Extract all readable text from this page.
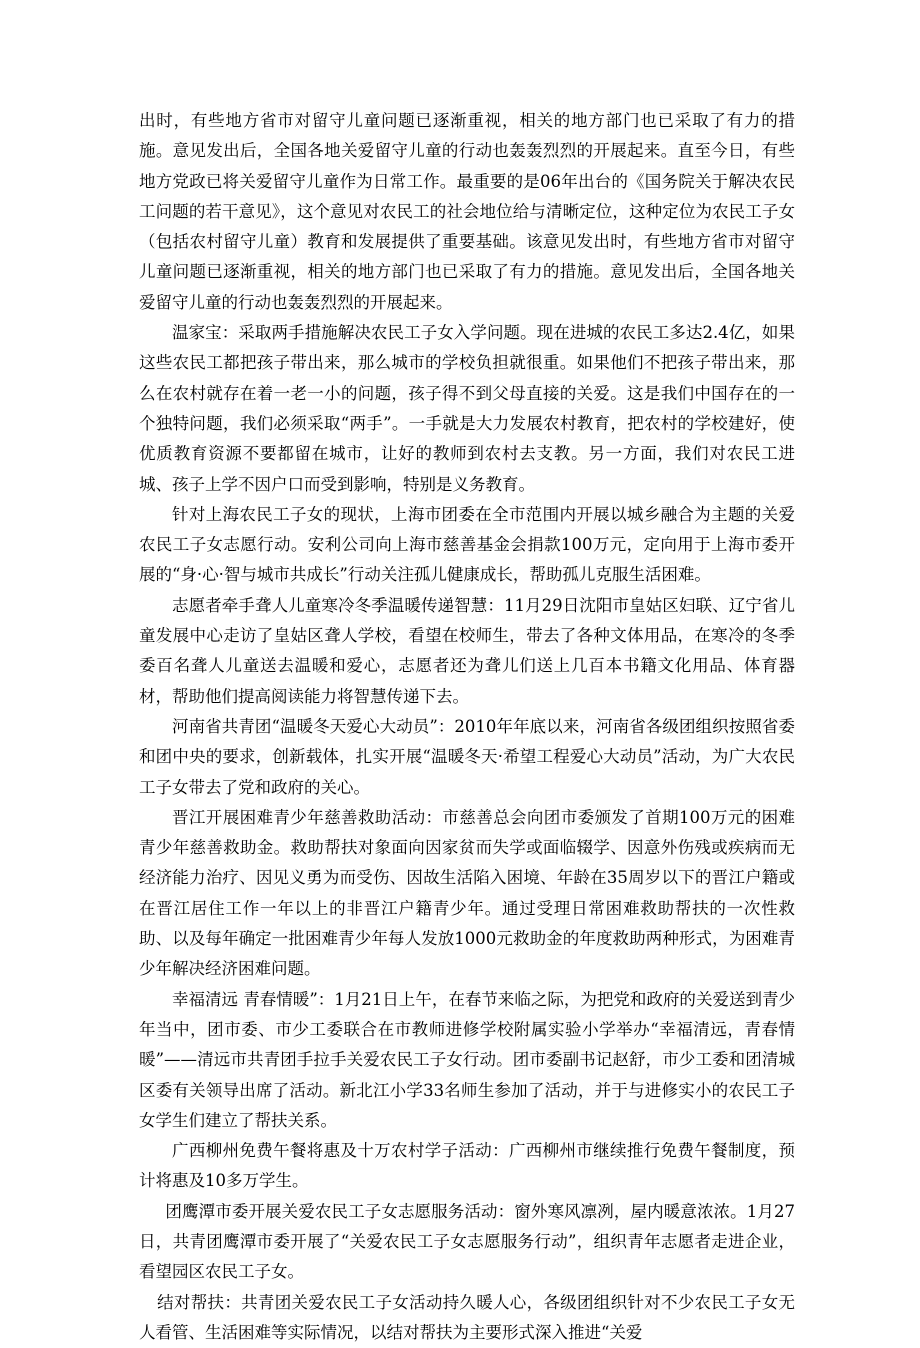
出时，有些地方省市对留守儿童问题已逐渐重视，相关的地方部门也已采取了有力的措施。意见发出后，全国各地关爱留守儿童的行动也轰轰烈烈的开展起来。直至今日，有些地方党政已将关爱留守儿童作为日常工作。最重要的是06年出台的《国务院关于解决农民工问题的若干意见》，这个意见对农民工的社会地位给与清晰定位，这种定位为农民工子女（包括农村留守儿童）教育和发展提供了重要基础。该意见发出时，有些地方省市对留守儿童问题已逐渐重视，相关的地方部门也已采取了有力的措施。意见发出后，全国各地关爱留守儿童的行动也轰轰烈烈的开展起来。

温家宝：采取两手措施解决农民工子女入学问题。现在进城的农民工多达2.4亿，如果这些农民工都把孩子带出来，那么城市的学校负担就很重。如果他们不把孩子带出来，那么在农村就存在着一老一小的问题，孩子得不到父母直接的关爱。这是我们中国存在的一个独特问题，我们必须采取“两手”。一手就是大力发展农村教育，把农村的学校建好，使优质教育资源不要都留在城市，让好的教师到农村去支教。另一方面，我们对农民工进城、孩子上学不因户口而受到影响，特别是义务教育。

针对上海农民工子女的现状，上海市团委在全市范围内开展以城乡融合为主题的关爱农民工子女志愿行动。安利公司向上海市慈善基金会捐款100万元，定向用于上海市委开展的“身·心·智与城市共成长”行动关注孤儿健康成长，帮助孤儿克服生活困难。

志愿者牵手聋人儿童寒冷冬季温暖传递智慧：11月29日沈阳市皇姑区妇联、辽宁省儿童发展中心走访了皇姑区聋人学校，看望在校师生，带去了各种文体用品，在寒冷的冬季委百名聋人儿童送去温暖和爱心，志愿者还为聋儿们送上几百本书籍文化用品、体育器材，帮助他们提高阅读能力将智慧传递下去。

河南省共青团“温暖冬天爱心大动员”：2010年年底以来，河南省各级团组织按照省委和团中央的要求，创新载体，扎实开展“温暖冬天·希望工程爱心大动员”活动，为广大农民工子女带去了党和政府的关心。

晋江开展困难青少年慈善救助活动：市慈善总会向团市委颁发了首期100万元的困难青少年慈善救助金。救助帮扶对象面向因家贫而失学或面临辍学、因意外伤残或疾病而无经济能力治疗、因见义勇为而受伤、因故生活陷入困境、年龄在35周岁以下的晋江户籍或在晋江居住工作一年以上的非晋江户籍青少年。通过受理日常困难救助帮扶的一次性救助、以及每年确定一批困难青少年每人发放1000元救助金的年度救助两种形式，为困难青少年解决经济困难问题。

幸福清远 青春情暖”：1月21日上午，在春节来临之际，为把党和政府的关爱送到青少年当中，团市委、市少工委联合在市教师进修学校附属实验小学举办“幸福清远，青春情暖”——清远市共青团手拉手关爱农民工子女行动。团市委副书记赵舒，市少工委和团清城区委有关领导出席了活动。新北江小学33名师生参加了活动，并于与进修实小的农民工子女学生们建立了帮扶关系。

广西柳州免费午餐将惠及十万农村学子活动：广西柳州市继续推行免费午餐制度，预计将惠及10多万学生。

团鹰潭市委开展关爱农民工子女志愿服务活动：窗外寒风凛冽，屋内暖意浓浓。1月27日，共青团鹰潭市委开展了“关爱农民工子女志愿服务行动”，组织青年志愿者走进企业，看望园区农民工子女。

结对帮扶：共青团关爱农民工子女活动持久暖人心，各级团组织针对不少农民工子女无人看管、生活困难等实际情况，以结对帮扶为主要形式深入推进“关爱
